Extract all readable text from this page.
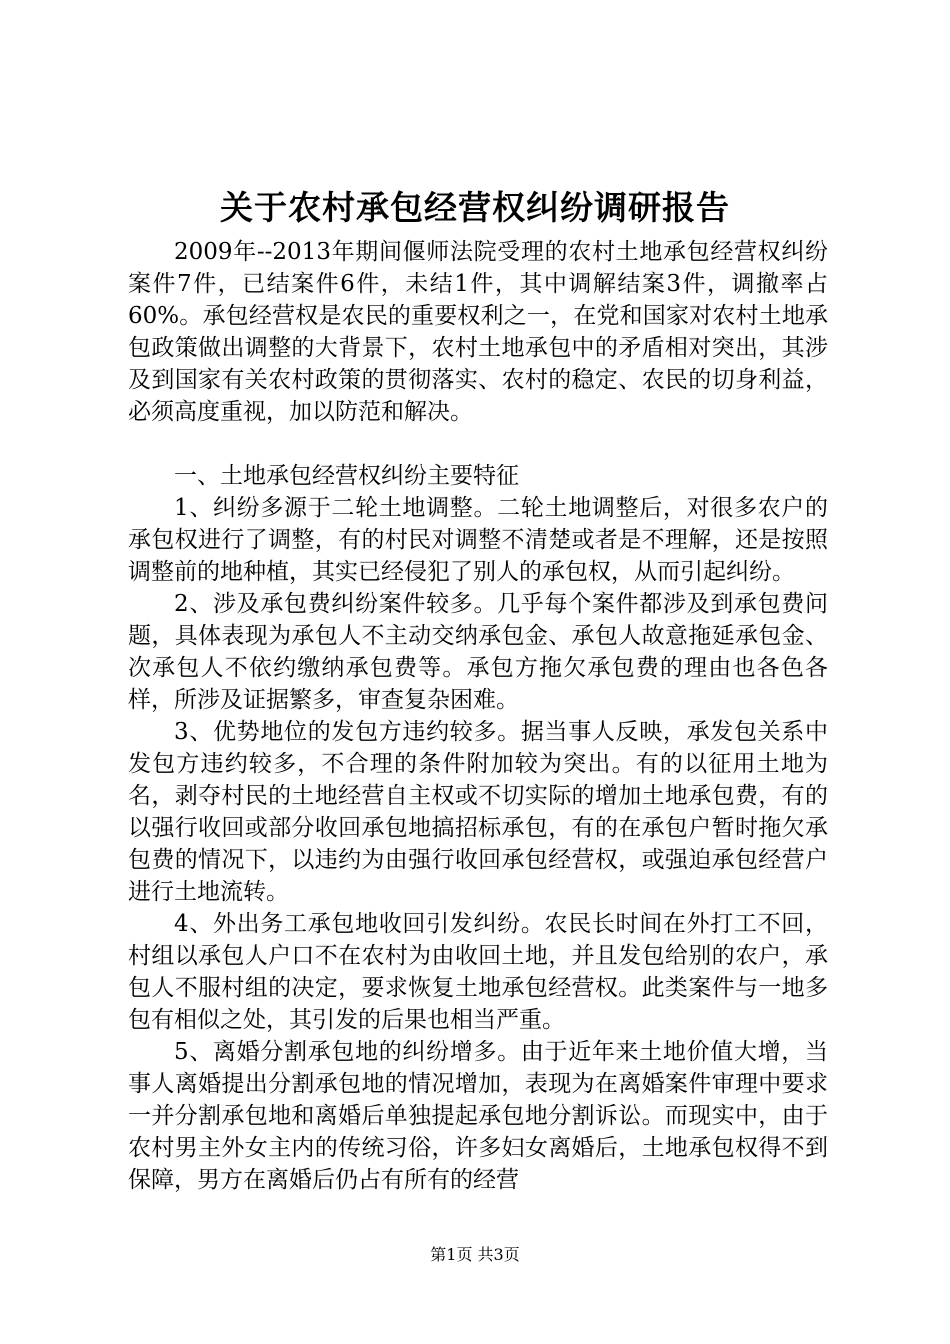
关于农村承包经营权纠纷调研报告

2009年--2013年期间偃师法院受理的农村土地承包经营权纠纷案件7件，已结案件6件，未结1件，其中调解结案3件，调撤率占60%。承包经营权是农民的重要权利之一，在党和国家对农村土地承包政策做出调整的大背景下，农村土地承包中的矛盾相对突出，其涉及到国家有关农村政策的贯彻落实、农村的稳定、农民的切身利益，必须高度重视，加以防范和解决。

一、土地承包经营权纠纷主要特征

1、纠纷多源于二轮土地调整。二轮土地调整后，对很多农户的承包权进行了调整，有的村民对调整不清楚或者是不理解，还是按照调整前的地种植，其实已经侵犯了别人的承包权，从而引起纠纷。

2、涉及承包费纠纷案件较多。几乎每个案件都涉及到承包费问题，具体表现为承包人不主动交纳承包金、承包人故意拖延承包金、次承包人不依约缴纳承包费等。承包方拖欠承包费的理由也各色各样，所涉及证据繁多，审查复杂困难。

3、优势地位的发包方违约较多。据当事人反映，承发包关系中发包方违约较多，不合理的条件附加较为突出。有的以征用土地为名，剥夺村民的土地经营自主权或不切实际的增加土地承包费，有的以强行收回或部分收回承包地搞招标承包，有的在承包户暂时拖欠承包费的情况下，以违约为由强行收回承包经营权，或强迫承包经营户进行土地流转。

4、外出务工承包地收回引发纠纷。农民长时间在外打工不回，村组以承包人户口不在农村为由收回土地，并且发包给别的农户，承包人不服村组的决定，要求恢复土地承包经营权。此类案件与一地多包有相似之处，其引发的后果也相当严重。

5、离婚分割承包地的纠纷增多。由于近年来土地价值大增，当事人离婚提出分割承包地的情况增加，表现为在离婚案件审理中要求一并分割承包地和离婚后单独提起承包地分割诉讼。而现实中，由于农村男主外女主内的传统习俗，许多妇女离婚后，土地承包权得不到保障，男方在离婚后仍占有所有的经营

第1页 共3页
